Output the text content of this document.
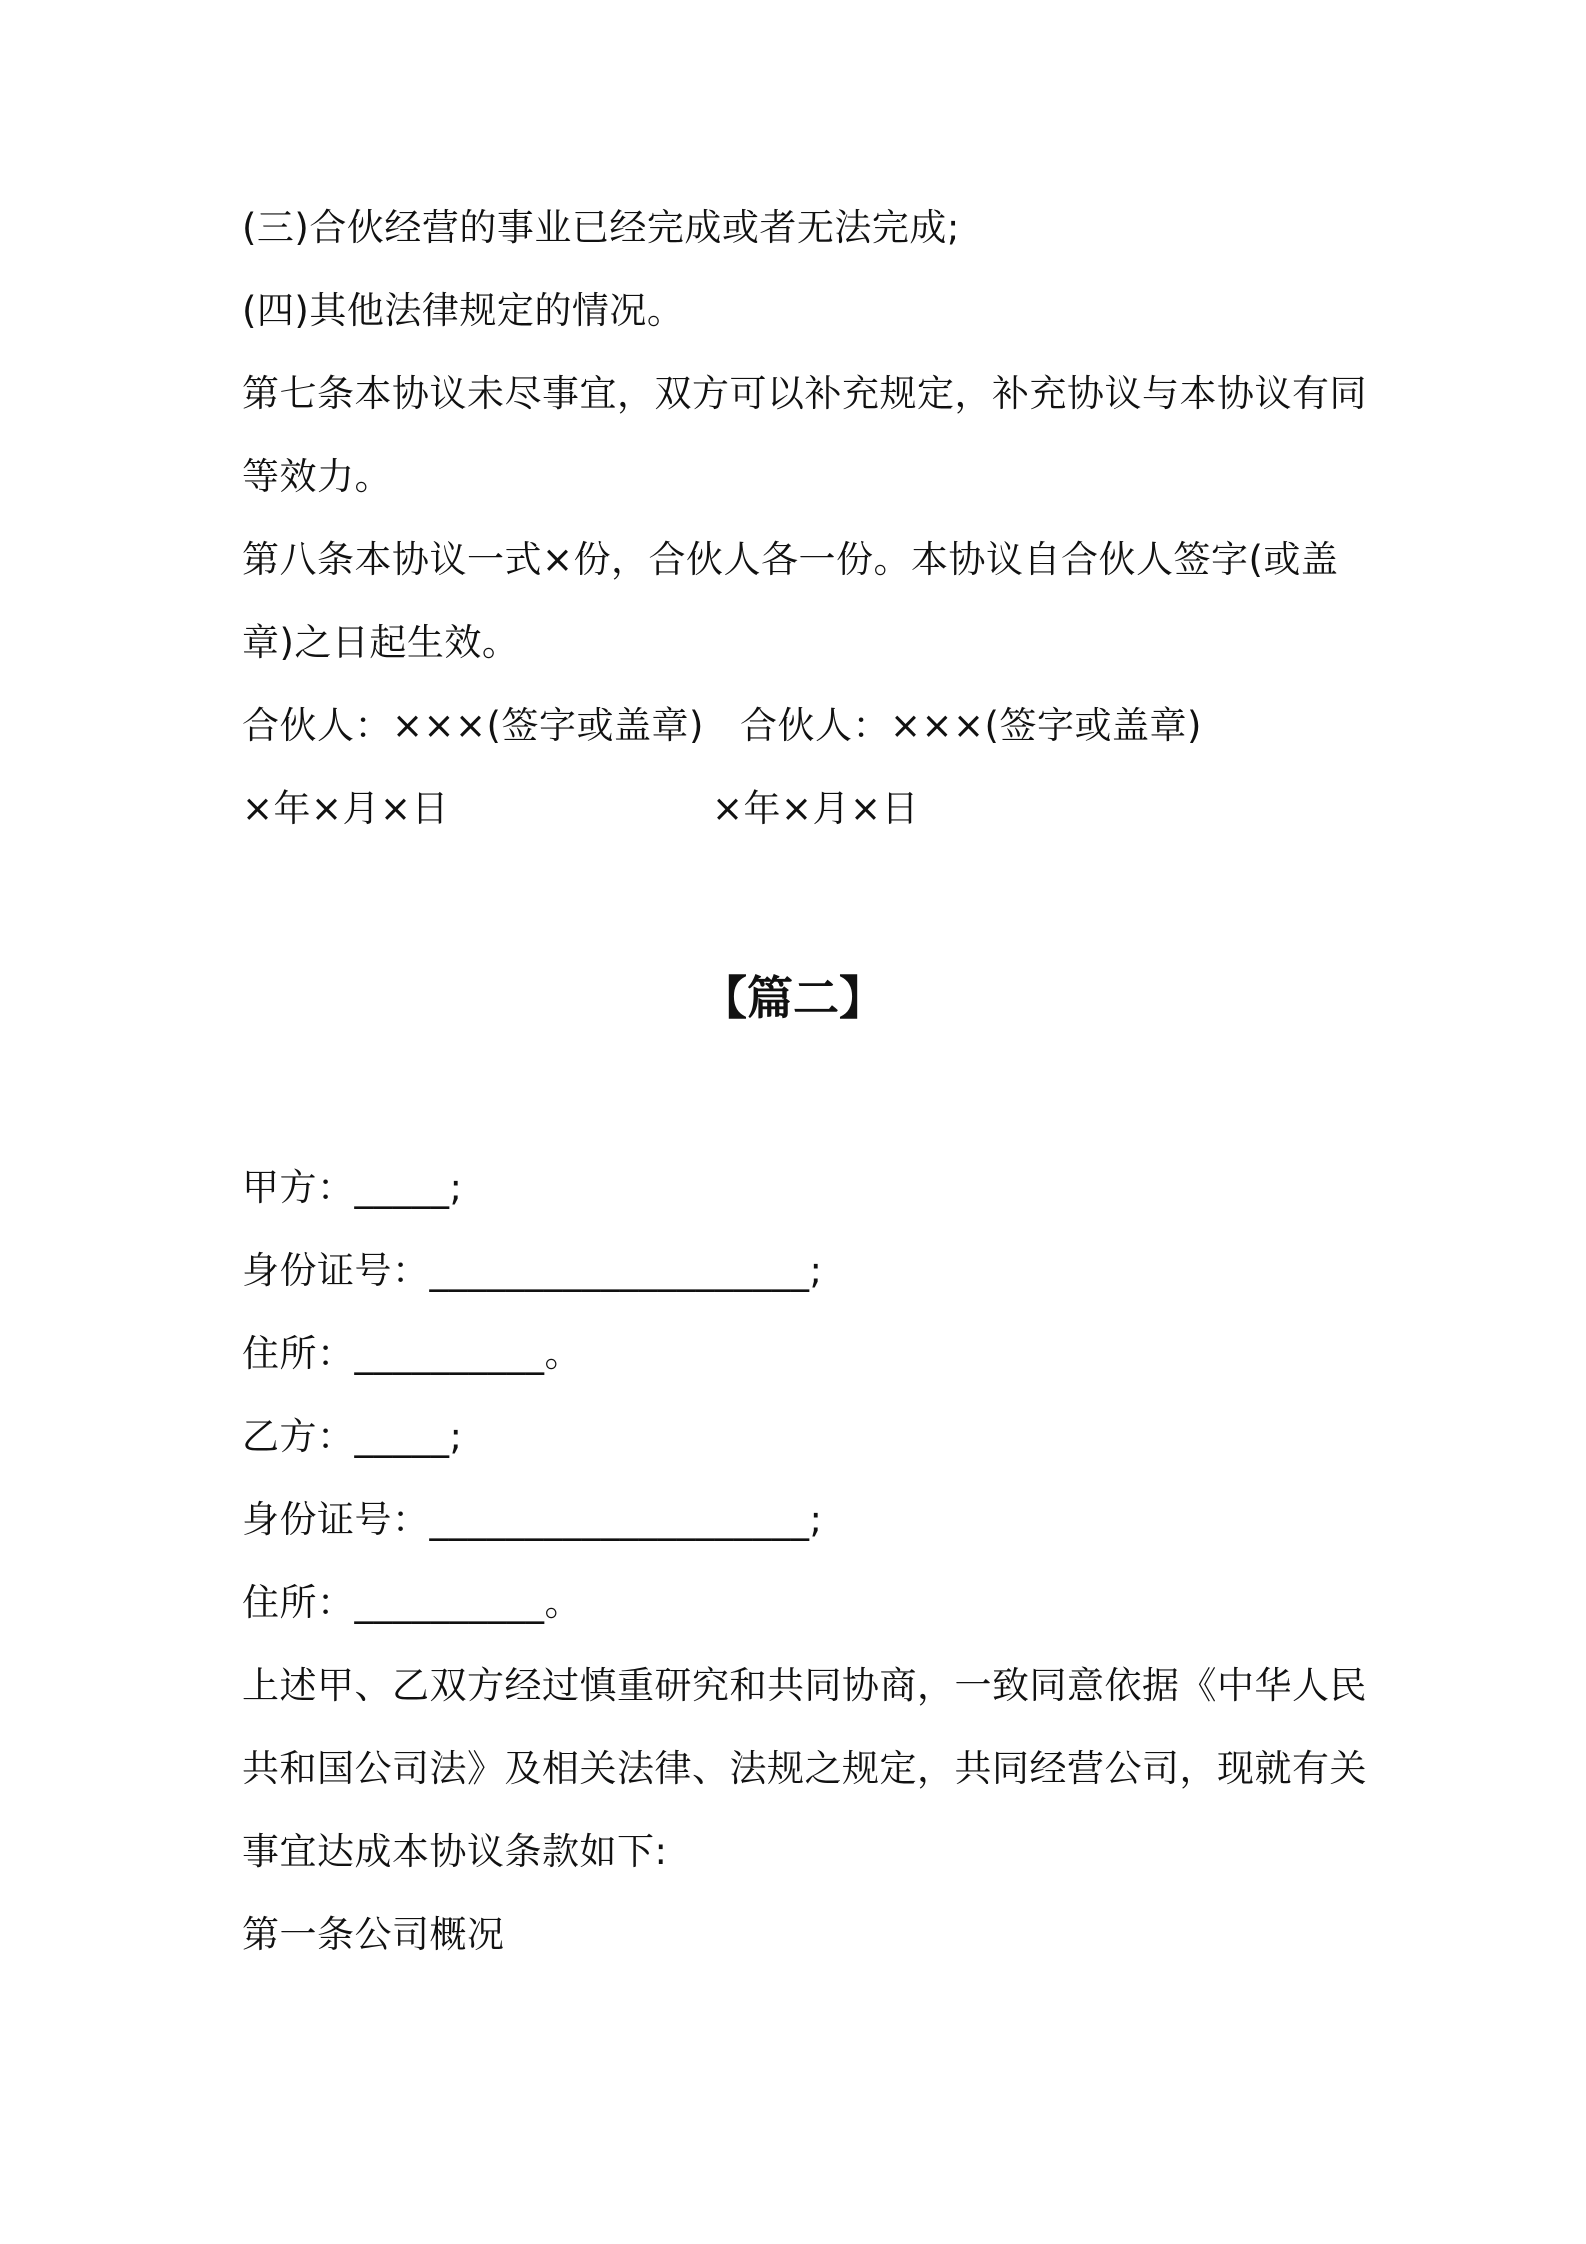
(三)合伙经营的事业已经完成或者无法完成;
(四)其他法律规定的情况。
第七条本协议未尽事宜，双方可以补充规定，补充协议与本协议有同
等效力。
第八条本协议一式×份，合伙人各一份。本协议自合伙人签字(或盖
章)之日起生效。
合伙人：×××(签字或盖章) 合伙人：×××(签字或盖章)
×年×月×日	×年×月×日
【篇二】
甲方：_____;
身份证号：____________________;
住所：__________。
乙方：_____;
身份证号：____________________;
住所：__________。
上述甲、乙双方经过慎重研究和共同协商，一致同意依据《中华人民
共和国公司法》及相关法律、法规之规定，共同经营公司，现就有关
事宜达成本协议条款如下:
第一条公司概况
